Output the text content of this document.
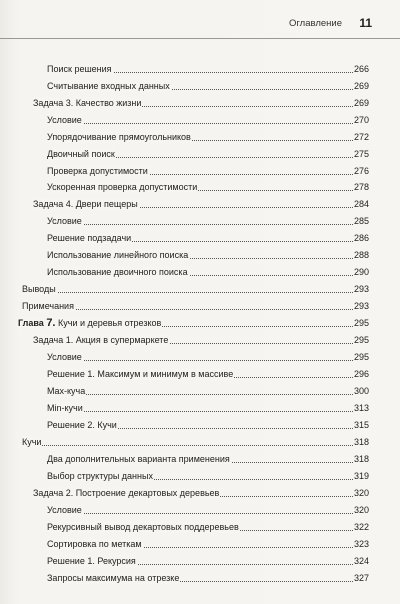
Оглавление 11
Поиск решения	266
Считывание входных данных	269
Задача 3. Качество жизни	269
Условие	270
Упорядочивание прямоугольников	272
Двоичный поиск	275
Проверка допустимости	276
Ускоренная проверка допустимости	278
Задача 4. Двери пещеры	284
Условие	285
Решение подзадачи	286
Использование линейного поиска	288
Использование двоичного поиска	290
Выводы	293
Примечания	293
Глава 7. Кучи и деревья отрезков	295
Задача 1. Акция в супермаркете	295
Условие	295
Решение 1. Максимум и минимум в массиве	296
Max-куча	300
Min-кучи	313
Решение 2. Кучи	315
Кучи	318
Два дополнительных варианта применения	318
Выбор структуры данных	319
Задача 2. Построение декартовых деревьев	320
Условие	320
Рекурсивный вывод декартовых поддеревьев	322
Сортировка по меткам	323
Решение 1. Рекурсия	324
Запросы максимума на отрезке	327
